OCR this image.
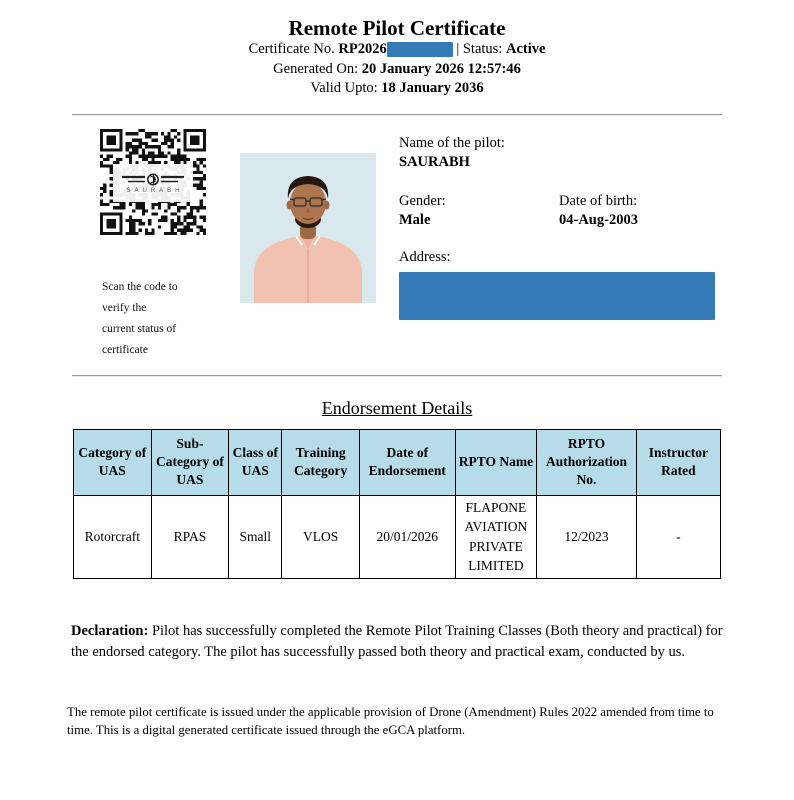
Remote Pilot Certificate
Certificate No. RP2026	| Status: Active
Generated On: 20 January 2026 12:57:46
Valid Upto: 18 January 2036
SAURABH
Scan the code to verify the
current status of certificate
Name of the pilot:
SAURABH
Gender:
Male
Date of birth:
04-Aug-2003
Address:
Endorsement Details
Category of UAS	Sub-Category of UAS	Class of UAS	Training Category	Date of Endorsement	RPTO Name	RPTO Authorization No.	Instructor Rated
Rotorcraft	RPAS	Small	VLOS	20/01/2026	FLAPONE AVIATION PRIVATE LIMITED	12/2023	-

Declaration: Pilot has successfully completed the Remote Pilot Training Classes (Both theory and practical) for the endorsed category. The pilot has successfully passed both theory and practical exam, conducted by us.

The remote pilot certificate is issued under the applicable provision of Drone (Amendment) Rules 2022 amended from time to time. This is a digital generated certificate issued through the eGCA platform.
